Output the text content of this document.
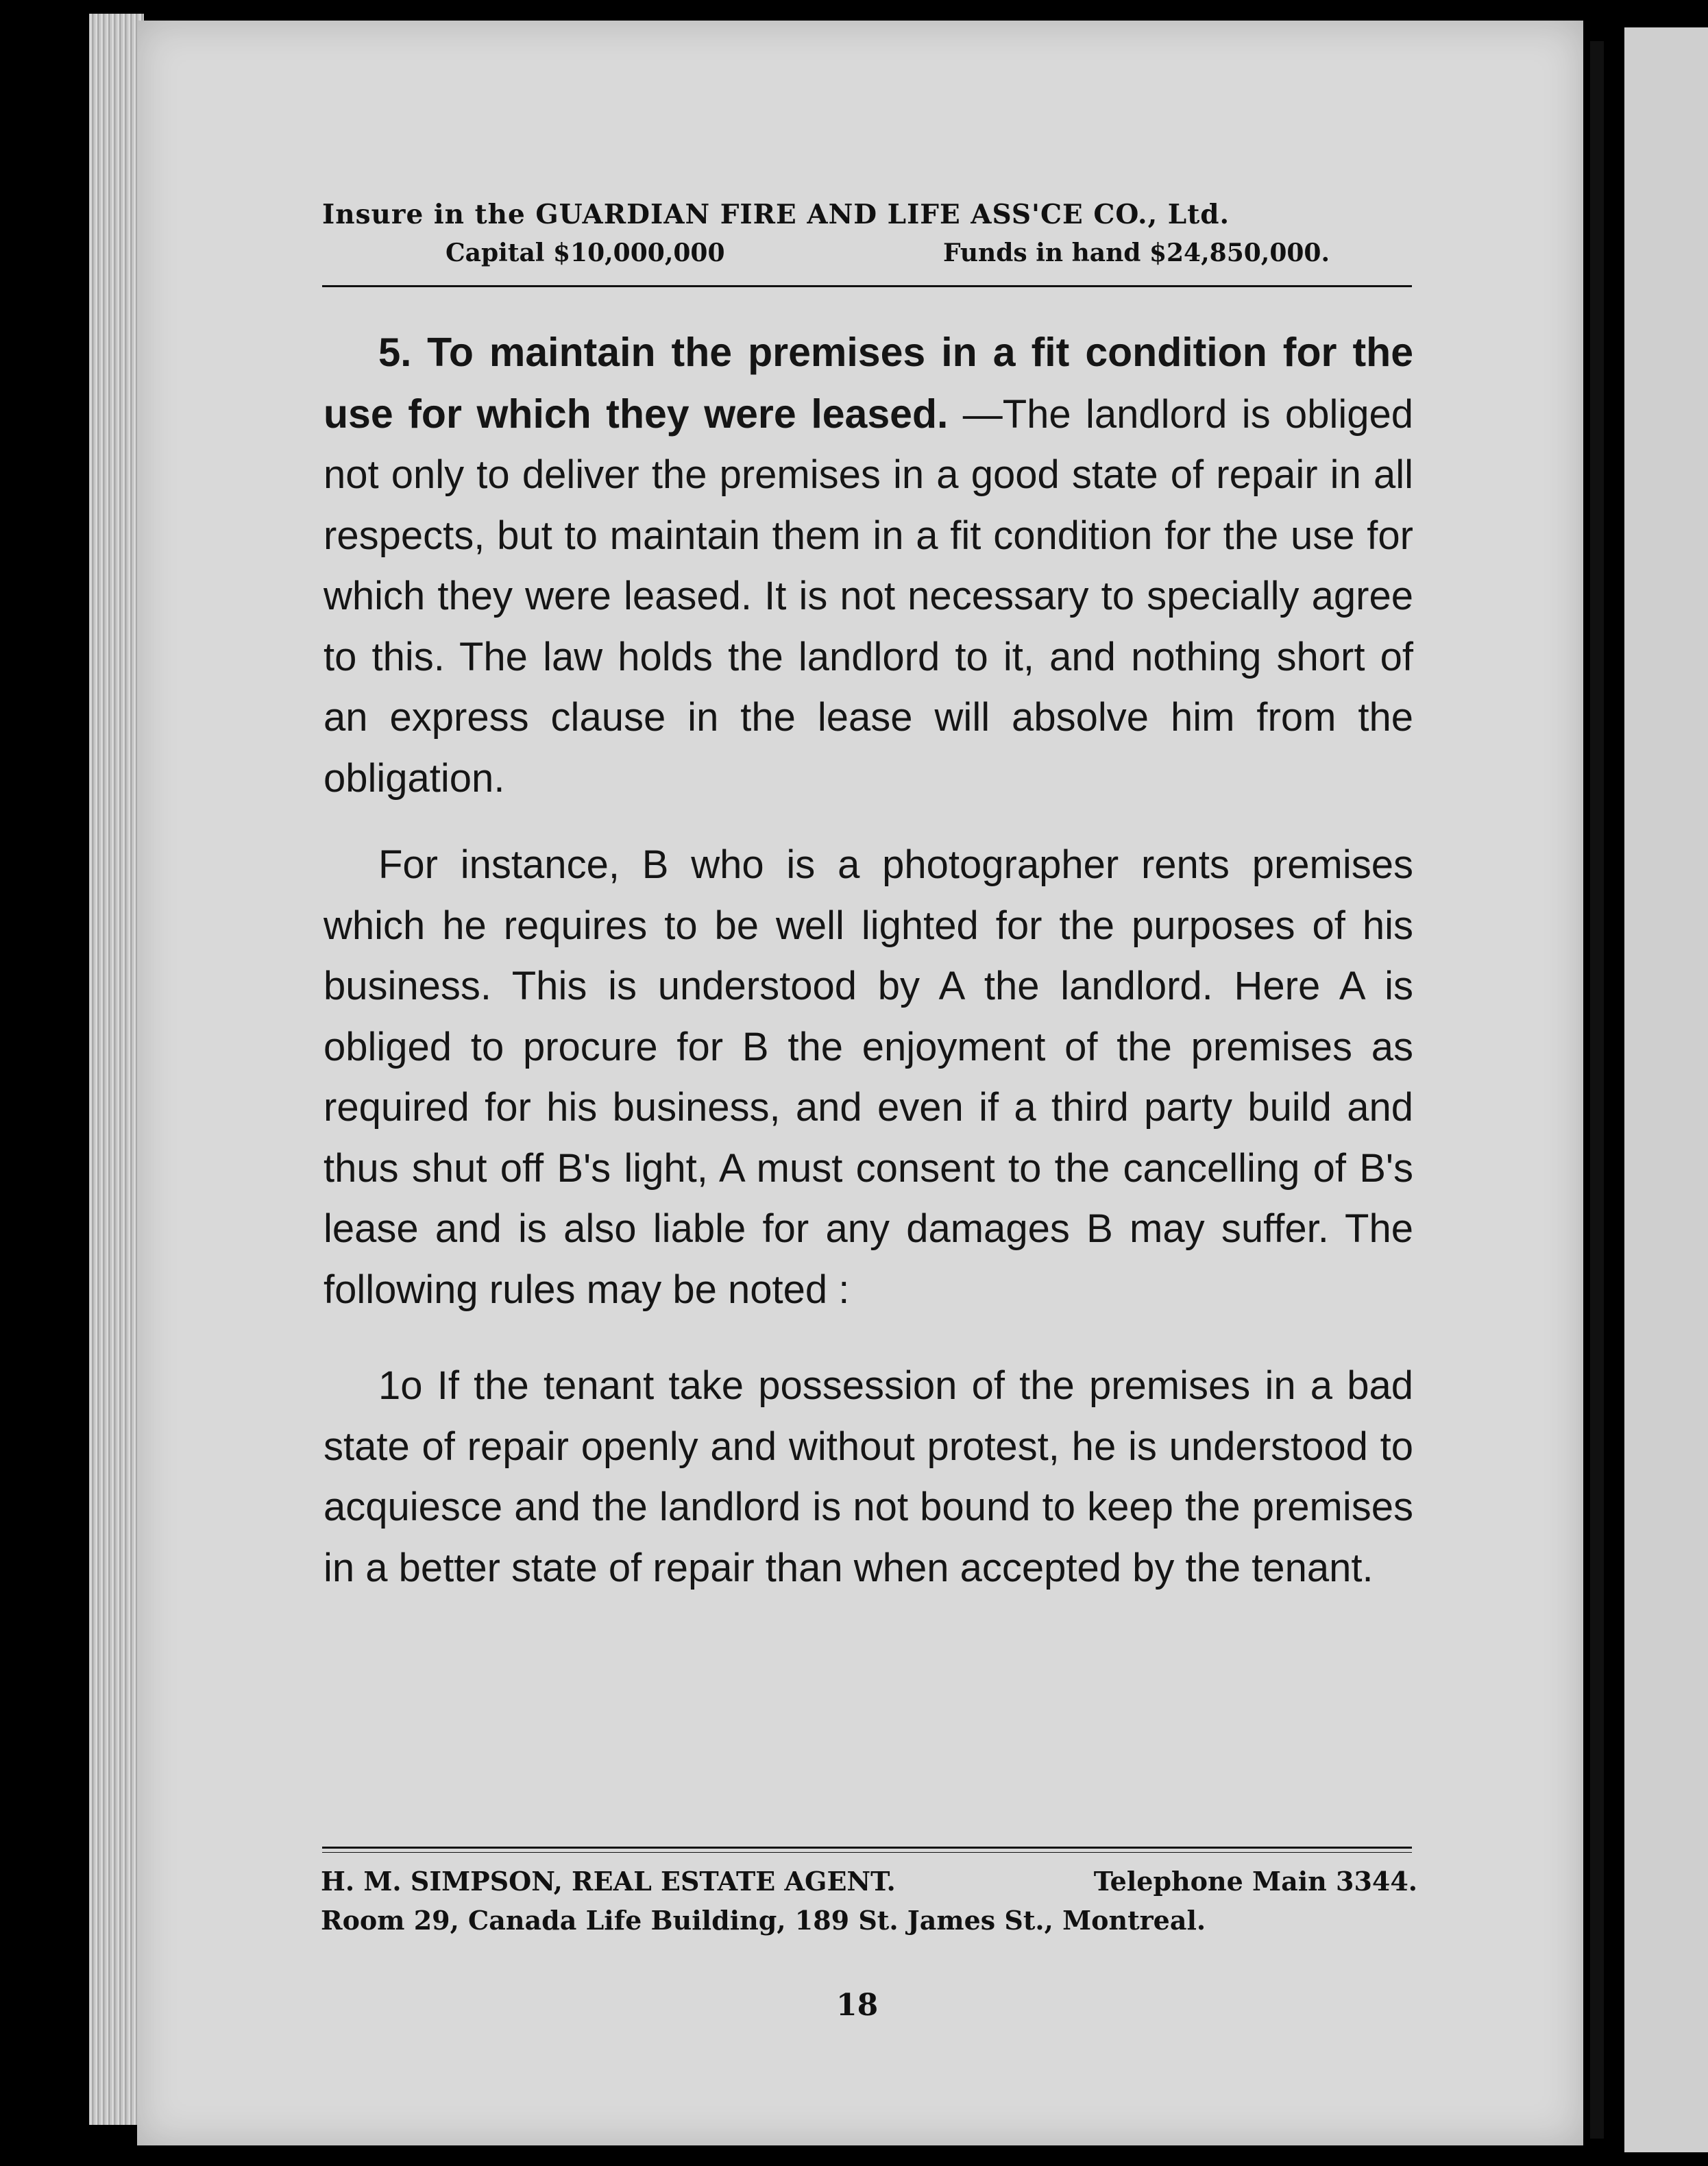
Insure in the GUARDIAN FIRE AND LIFE ASS'CE CO., Ltd.
Capital $10,000,000	Funds in hand $24,850,000.

5. To maintain the premises in a fit condition for the use for which they were leased. —The landlord is obliged not only to deliver the premises in a good state of repair in all respects, but to maintain them in a fit condition for the use for which they were leased. It is not necessary to specially agree to this. The law holds the landlord to it, and nothing short of an express clause in the lease will absolve him from the obligation.

For instance, B who is a photographer rents premises which he requires to be well lighted for the purposes of his business. This is understood by A the landlord. Here A is obliged to procure for B the enjoyment of the premises as required for his business, and even if a third party build and thus shut off B's light, A must consent to the cancelling of B's lease and is also liable for any damages B may suffer. The following rules may be noted :

1o If the tenant take possession of the premises in a bad state of repair openly and without protest, he is understood to acquiesce and the landlord is not bound to keep the premises in a better state of repair than when accepted by the tenant.

H. M. SIMPSON, REAL ESTATE AGENT.	Telephone Main 3344.
Room 29, Canada Life Building, 189 St. James St., Montreal.
18
